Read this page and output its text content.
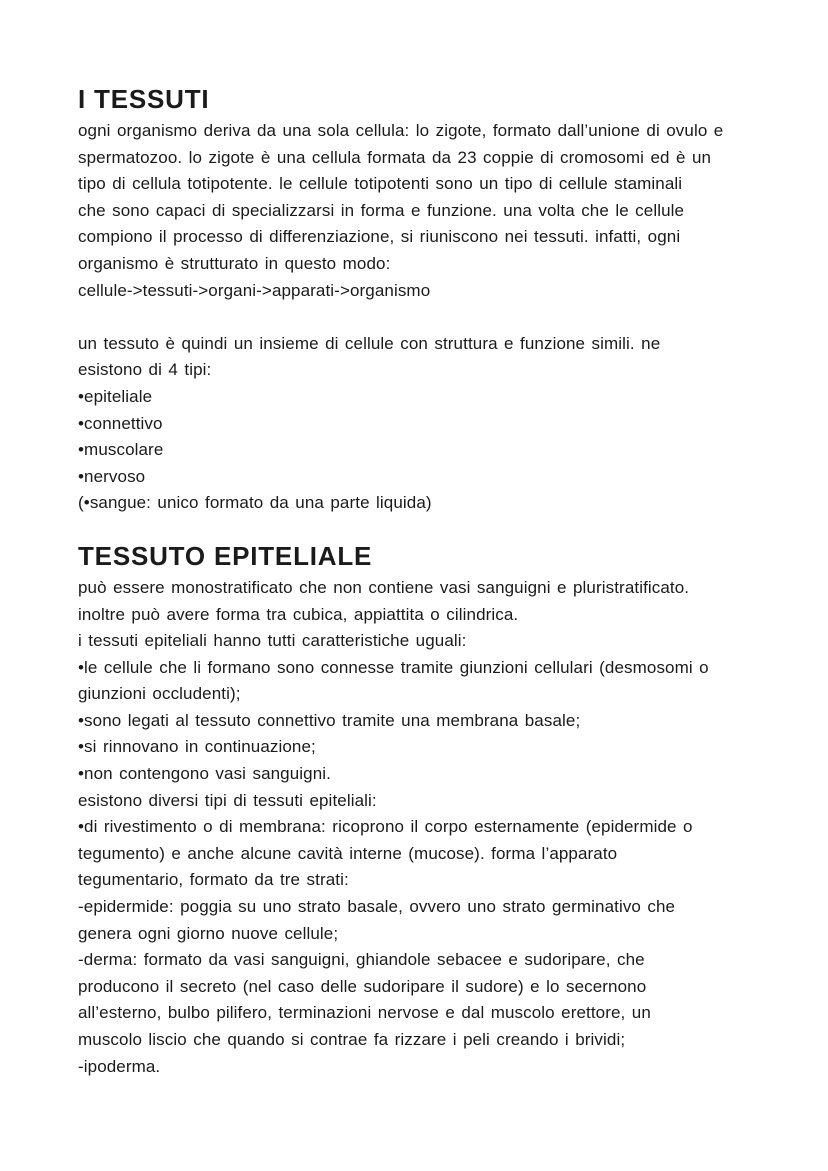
I TESSUTI
ogni organismo deriva da una sola cellula: lo zigote, formato dall’unione di ovulo e
spermatozoo. lo zigote è una cellula formata da 23 coppie di cromosomi ed è un
tipo di cellula totipotente. le cellule totipotenti sono un tipo di cellule staminali
che sono capaci di specializzarsi in forma e funzione. una volta che le cellule
compiono il processo di differenziazione, si riuniscono nei tessuti. infatti, ogni
organismo è strutturato in questo modo:
cellule->tessuti->organi->apparati->organismo
un tessuto è quindi un insieme di cellule con struttura e funzione simili. ne
esistono di 4 tipi:
•epiteliale
•connettivo
•muscolare
•nervoso
(•sangue: unico formato da una parte liquida)
TESSUTO EPITELIALE
può essere monostratificato che non contiene vasi sanguigni e pluristratificato.
inoltre può avere forma tra cubica, appiattita o cilindrica.
i tessuti epiteliali hanno tutti caratteristiche uguali:
•le cellule che li formano sono connesse tramite giunzioni cellulari (desmosomi o
giunzioni occludenti);
•sono legati al tessuto connettivo tramite una membrana basale;
•si rinnovano in continuazione;
•non contengono vasi sanguigni.
esistono diversi tipi di tessuti epiteliali:
•di rivestimento o di membrana: ricoprono il corpo esternamente (epidermide o
tegumento) e anche alcune cavità interne (mucose). forma l’apparato
tegumentario, formato da tre strati:
-epidermide: poggia su uno strato basale, ovvero uno strato germinativo che
genera ogni giorno nuove cellule;
-derma: formato da vasi sanguigni, ghiandole sebacee e sudoripare, che
producono il secreto (nel caso delle sudoripare il sudore) e lo secernono
all’esterno, bulbo pilifero, terminazioni nervose e dal muscolo erettore, un
muscolo liscio che quando si contrae fa rizzare i peli creando i brividi;
-ipoderma.
